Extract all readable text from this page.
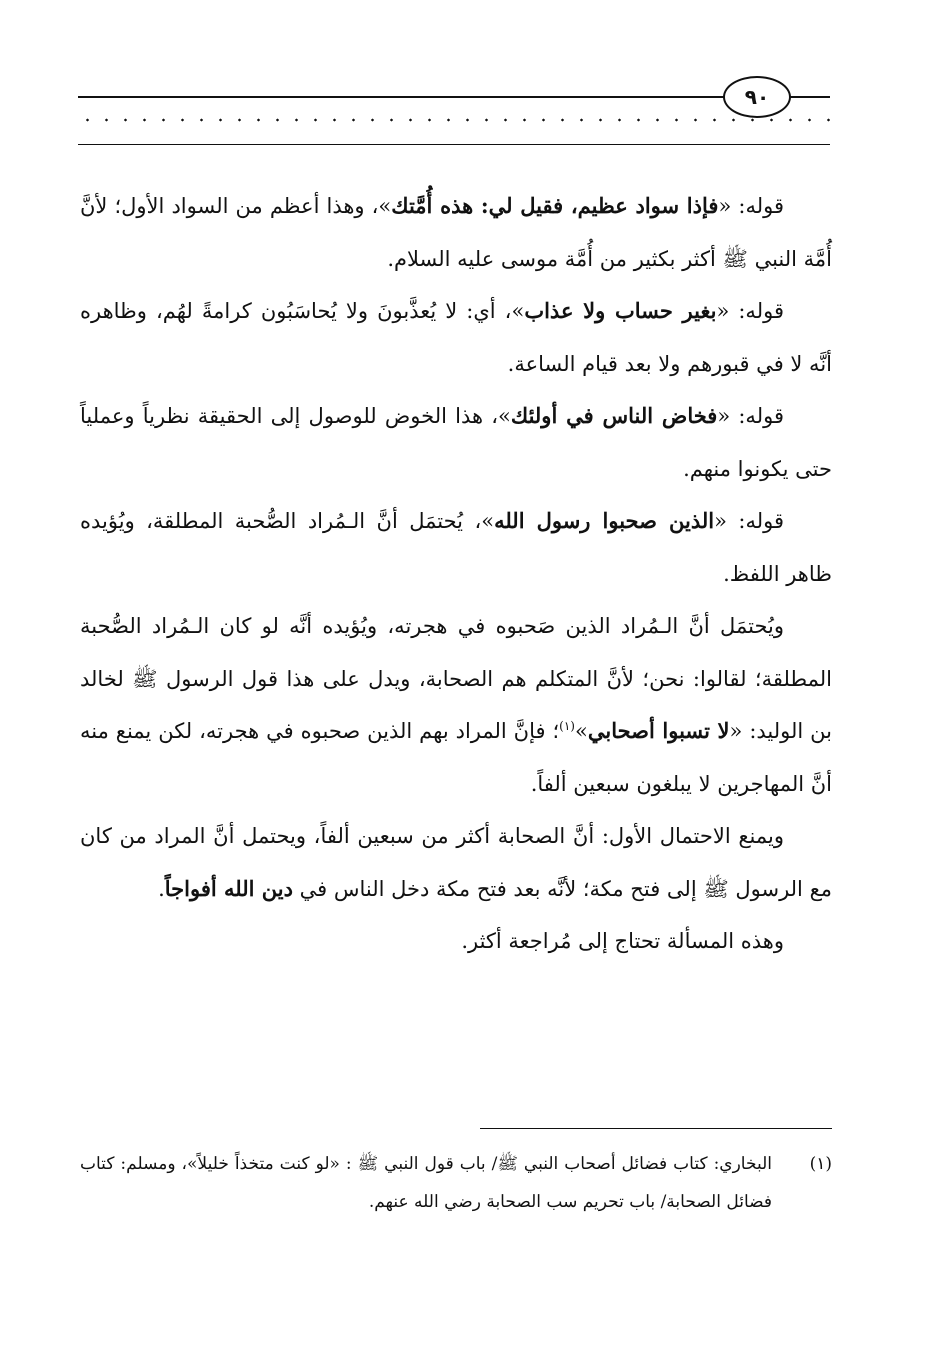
٩٠

قوله: «فإذا سواد عظيم، فقيل لي: هذه أُمَّتك»، وهذا أعظم من السواد الأول؛ لأنَّ أُمَّة النبي ﷺ أكثر بكثير من أُمَّة موسى عليه السلام.

قوله: «بغير حساب ولا عذاب»، أي: لا يُعذَّبونَ ولا يُحاسَبُون كرامةً لهُم، وظاهره أنَّه لا في قبورهم ولا بعد قيام الساعة.

قوله: «فخاض الناس في أولئك»، هذا الخوض للوصول إلى الحقيقة نظرياً وعملياً حتى يكونوا منهم.

قوله: «الذين صحبوا رسول الله»، يُحتمَل أنَّ الـمُراد الصُّحبة المطلقة، ويُؤيده ظاهر اللفظ.

ويُحتمَل أنَّ الـمُراد الذين صَحبوه في هجرته، ويُؤيده أنَّه لو كان الـمُراد الصُّحبة المطلقة؛ لقالوا: نحن؛ لأنَّ المتكلم هم الصحابة، ويدل على هذا قول الرسول ﷺ لخالد بن الوليد: «لا تسبوا أصحابي»$^{(١)}$؛ فإنَّ المراد بهم الذين صحبوه في هجرته، لكن يمنع منه أنَّ المهاجرين لا يبلغون سبعين ألفاً.

ويمنع الاحتمال الأول: أنَّ الصحابة أكثر من سبعين ألفاً، ويحتمل أنَّ المراد من كان مع الرسول ﷺ إلى فتح مكة؛ لأنَّه بعد فتح مكة دخل الناس في دين الله أفواجاً.

وهذه المسألة تحتاج إلى مُراجعة أكثر.

(١)
البخاري: كتاب فضائل أصحاب النبي ﷺ/ باب قول النبي ﷺ : «لو كنت متخذاً خليلاً»، ومسلم: كتاب فضائل الصحابة/ باب تحريم سب الصحابة رضي الله عنهم.
